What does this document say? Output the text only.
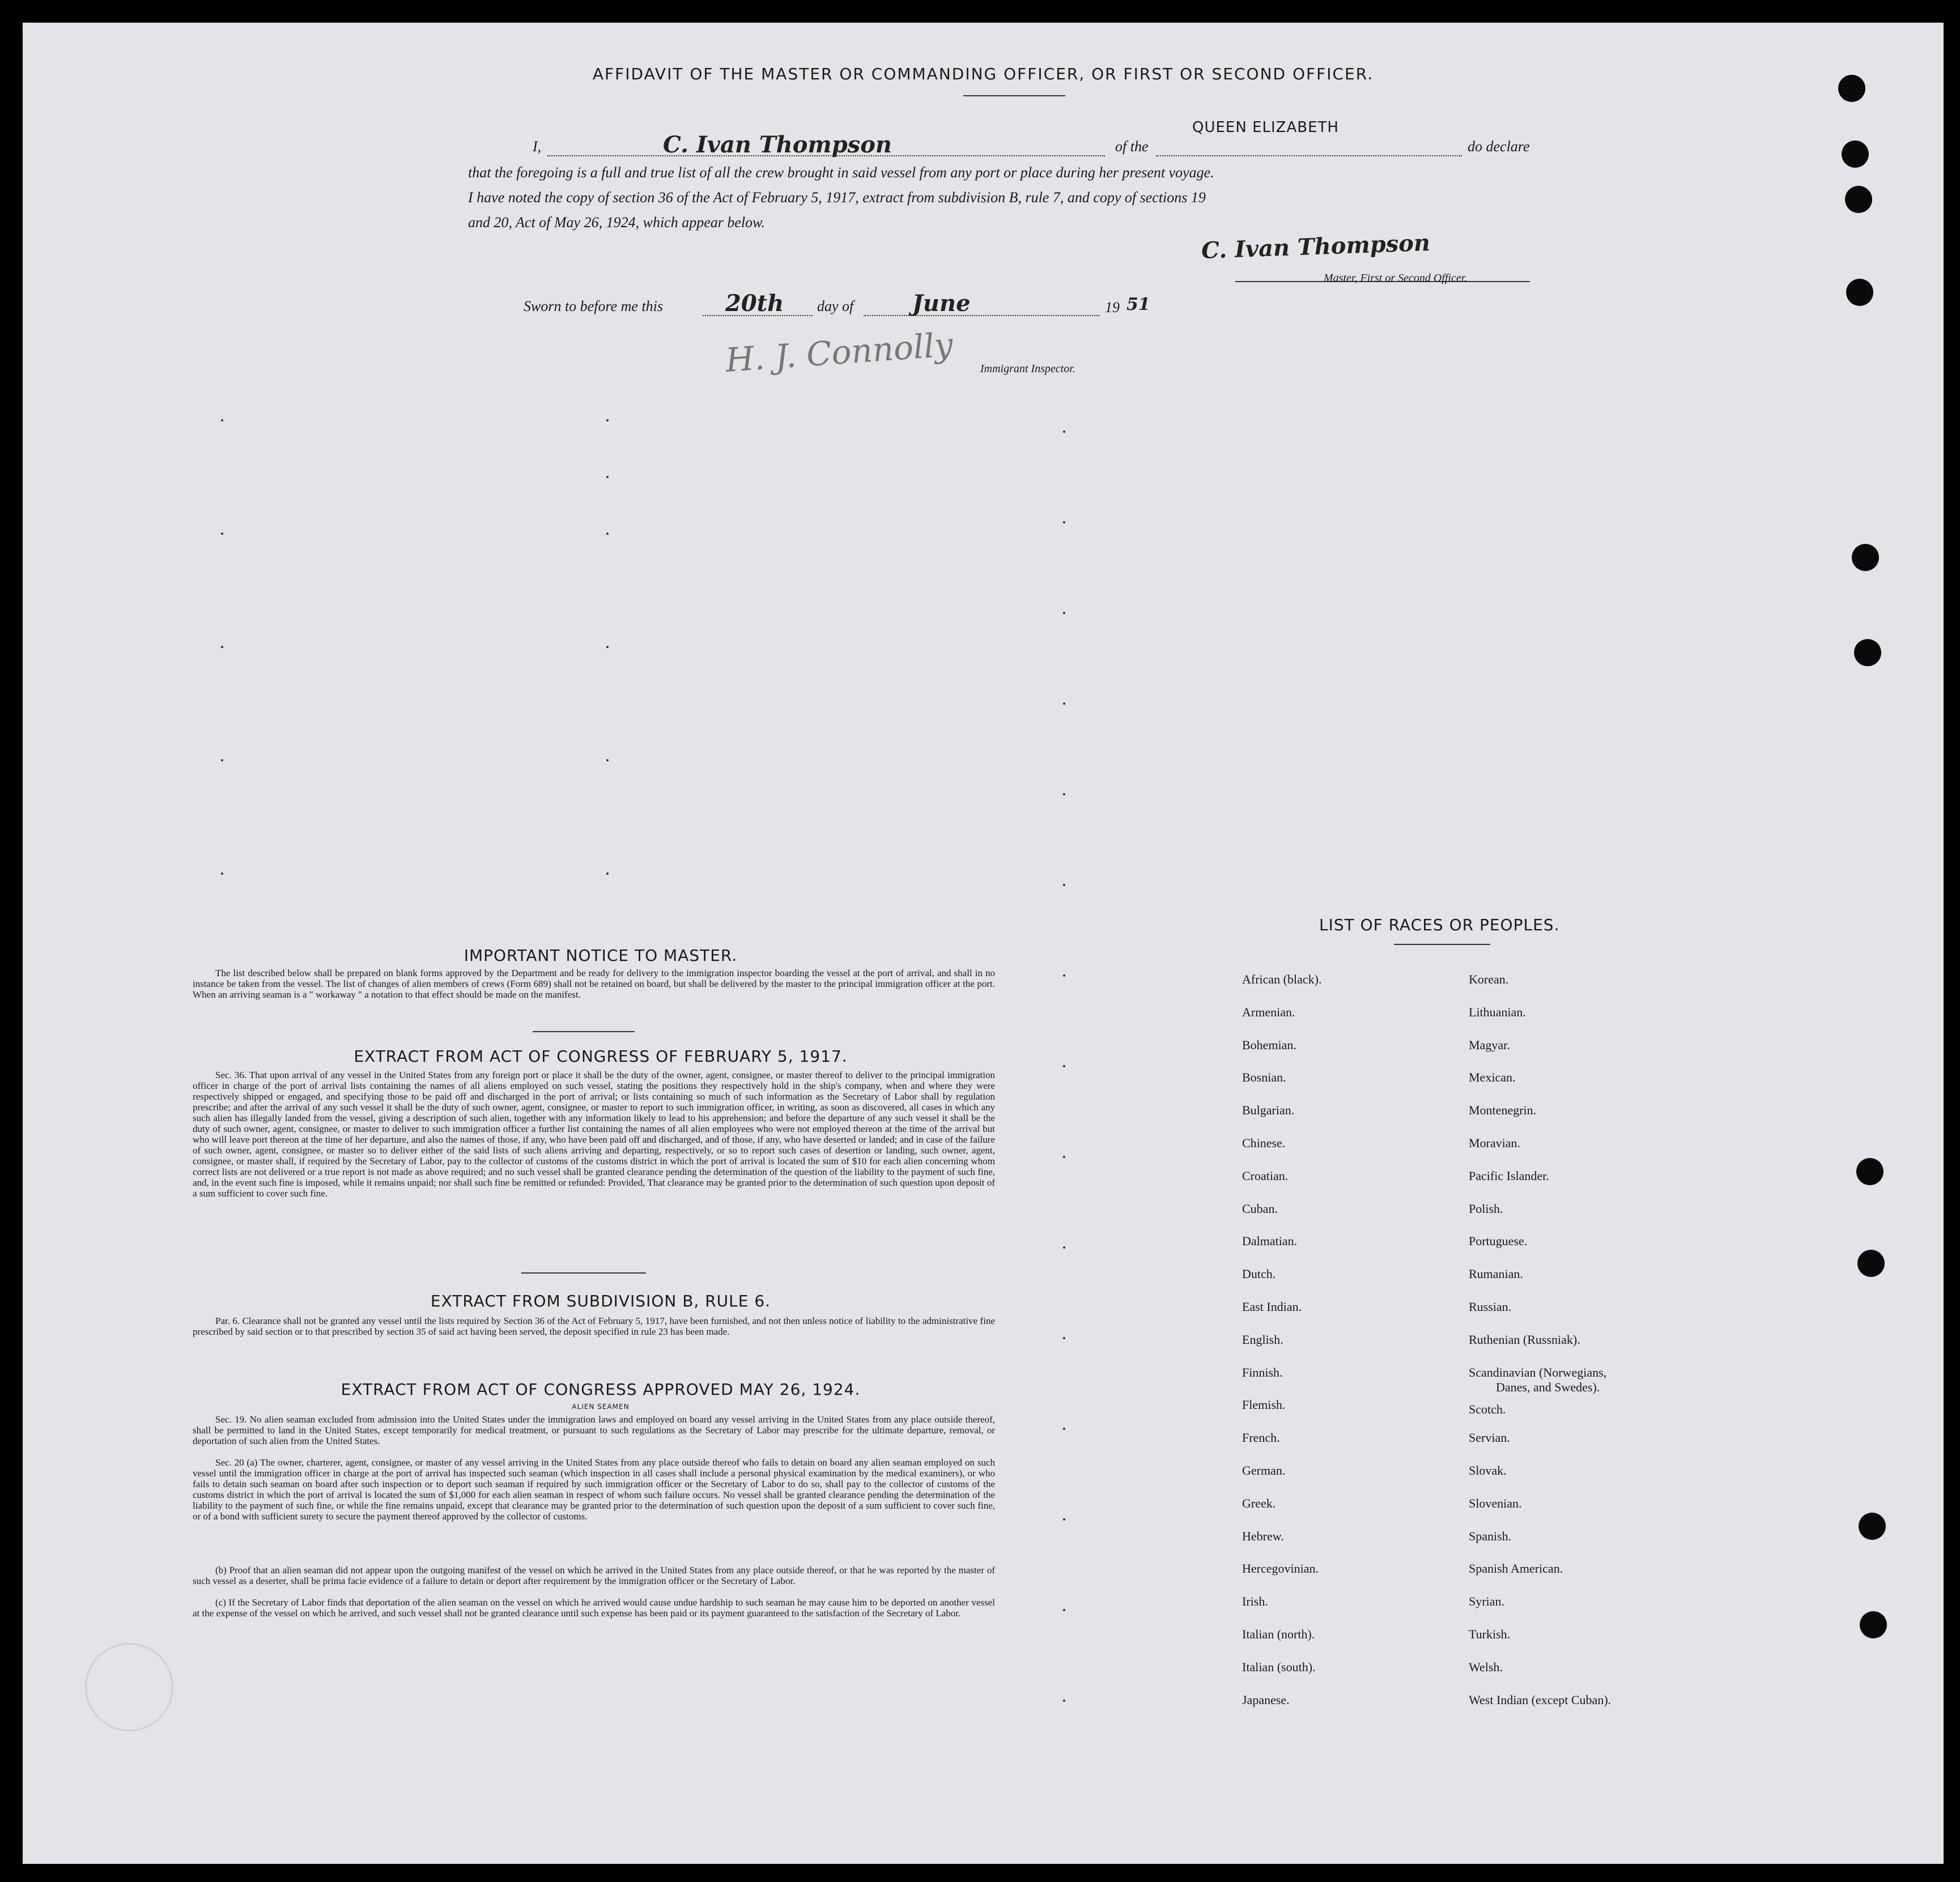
AFFIDAVIT OF THE MASTER OR COMMANDING OFFICER, OR FIRST OR SECOND OFFICER.
I,	C. Ivan Thompson	of the
QUEEN ELIZABETH
do declare
that the foregoing is a full and true list of all the crew brought in said vessel from any port or place during her present voyage.
I have noted the copy of section 36 of the Act of February 5, 1917, extract from subdivision B, rule 7, and copy of sections 19
and 20, Act of May 26, 1924, which appear below.
C. Ivan Thompson
Master, First or Second Officer.
Sworn to before me this	20th day of	June	19 51
H. J. Connolly Immigrant Inspector.
IMPORTANT NOTICE TO MASTER.
The list described below shall be prepared on blank forms approved by the Department and be ready for delivery to the immigration inspector boarding the vessel at the port of arrival, and shall in no instance be taken from the vessel. The list of changes of alien members of crews (Form 689) shall not be retained on board, but shall be delivered by the master to the principal immigration officer at the port. When an arriving seaman is a " workaway " a notation to that effect should be made on the manifest.
EXTRACT FROM ACT OF CONGRESS OF FEBRUARY 5, 1917.
Sec. 36. That upon arrival of any vessel in the United States from any foreign port or place it shall be the duty of the owner, agent, consignee, or master thereof to deliver to the principal immigration officer in charge of the port of arrival lists containing the names of all aliens employed on such vessel, stating the positions they respectively hold in the ship's company, when and where they were respectively shipped or engaged, and specifying those to be paid off and discharged in the port of arrival; or lists containing so much of such information as the Secretary of Labor shall by regulation prescribe; and after the arrival of any such vessel it shall be the duty of such owner, agent, consignee, or master to report to such immigration officer, in writing, as soon as discovered, all cases in which any such alien has illegally landed from the vessel, giving a description of such alien, together with any information likely to lead to his apprehension; and before the departure of any such vessel it shall be the duty of such owner, agent, consignee, or master to deliver to such immigration officer a further list containing the names of all alien employees who were not employed thereon at the time of the arrival but who will leave port thereon at the time of her departure, and also the names of those, if any, who have been paid off and discharged, and of those, if any, who have deserted or landed; and in case of the failure of such owner, agent, consignee, or master so to deliver either of the said lists of such aliens arriving and departing, respectively, or so to report such cases of desertion or landing, such owner, agent, consignee, or master shall, if required by the Secretary of Labor, pay to the collector of customs of the customs district in which the port of arrival is located the sum of $10 for each alien concerning whom correct lists are not delivered or a true report is not made as above required; and no such vessel shall be granted clearance pending the determination of the question of the liability to the payment of such fine, and, in the event such fine is imposed, while it remains unpaid; nor shall such fine be remitted or refunded: Provided, That clearance may be granted prior to the determination of such question upon deposit of a sum sufficient to cover such fine.
EXTRACT FROM SUBDIVISION B, RULE 6.
Par. 6. Clearance shall not be granted any vessel until the lists required by Section 36 of the Act of February 5, 1917, have been furnished, and not then unless notice of liability to the administrative fine prescribed by said section or to that prescribed by section 35 of said act having been served, the deposit specified in rule 23 has been made.
EXTRACT FROM ACT OF CONGRESS APPROVED MAY 26, 1924.
ALIEN SEAMEN
Sec. 19. No alien seaman excluded from admission into the United States under the immigration laws and employed on board any vessel arriving in the United States from any place outside thereof, shall be permitted to land in the United States, except temporarily for medical treatment, or pursuant to such regulations as the Secretary of Labor may prescribe for the ultimate departure, removal, or deportation of such alien from the United States.
Sec. 20 (a) The owner, charterer, agent, consignee, or master of any vessel arriving in the United States from any place outside thereof who fails to detain on board any alien seaman employed on such vessel until the immigration officer in charge at the port of arrival has inspected such seaman (which inspection in all cases shall include a personal physical examination by the medical examiners), or who fails to detain such seaman on board after such inspection or to deport such seaman if required by such immigration officer or the Secretary of Labor to do so, shall pay to the collector of customs of the customs district in which the port of arrival is located the sum of $1,000 for each alien seaman in respect of whom such failure occurs. No vessel shall be granted clearance pending the determination of the liability to the payment of such fine, or while the fine remains unpaid, except that clearance may be granted prior to the determination of such question upon the deposit of a sum sufficient to cover such fine, or of a bond with sufficient surety to secure the payment thereof approved by the collector of customs.
(b) Proof that an alien seaman did not appear upon the outgoing manifest of the vessel on which he arrived in the United States from any place outside thereof, or that he was reported by the master of such vessel as a deserter, shall be prima facie evidence of a failure to detain or deport after requirement by the immigration officer or the Secretary of Labor.
(c) If the Secretary of Labor finds that deportation of the alien seaman on the vessel on which he arrived would cause undue hardship to such seaman he may cause him to be deported on another vessel at the expense of the vessel on which he arrived, and such vessel shall not be granted clearance until such expense has been paid or its payment guaranteed to the satisfaction of the Secretary of Labor.
LIST OF RACES OR PEOPLES.
African (black).
Armenian.
Bohemian.
Bosnian.
Bulgarian.
Chinese.
Croatian.
Cuban.
Dalmatian.
Dutch.
East Indian.
English.
Finnish.
Flemish.
French.
German.
Greek.
Hebrew.
Hercegovinian.
Irish.
Italian (north).
Italian (south).
Japanese.
Korean.
Lithuanian.
Magyar.
Mexican.
Montenegrin.
Moravian.
Pacific Islander.
Polish.
Portuguese.
Rumanian.
Russian.
Ruthenian (Russniak).
Scandinavian (Norwegians,
Danes, and Swedes).
Scotch.
Servian.
Slovak.
Slovenian.
Spanish.
Spanish American.
Syrian.
Turkish.
Welsh.
West Indian (except Cuban).
